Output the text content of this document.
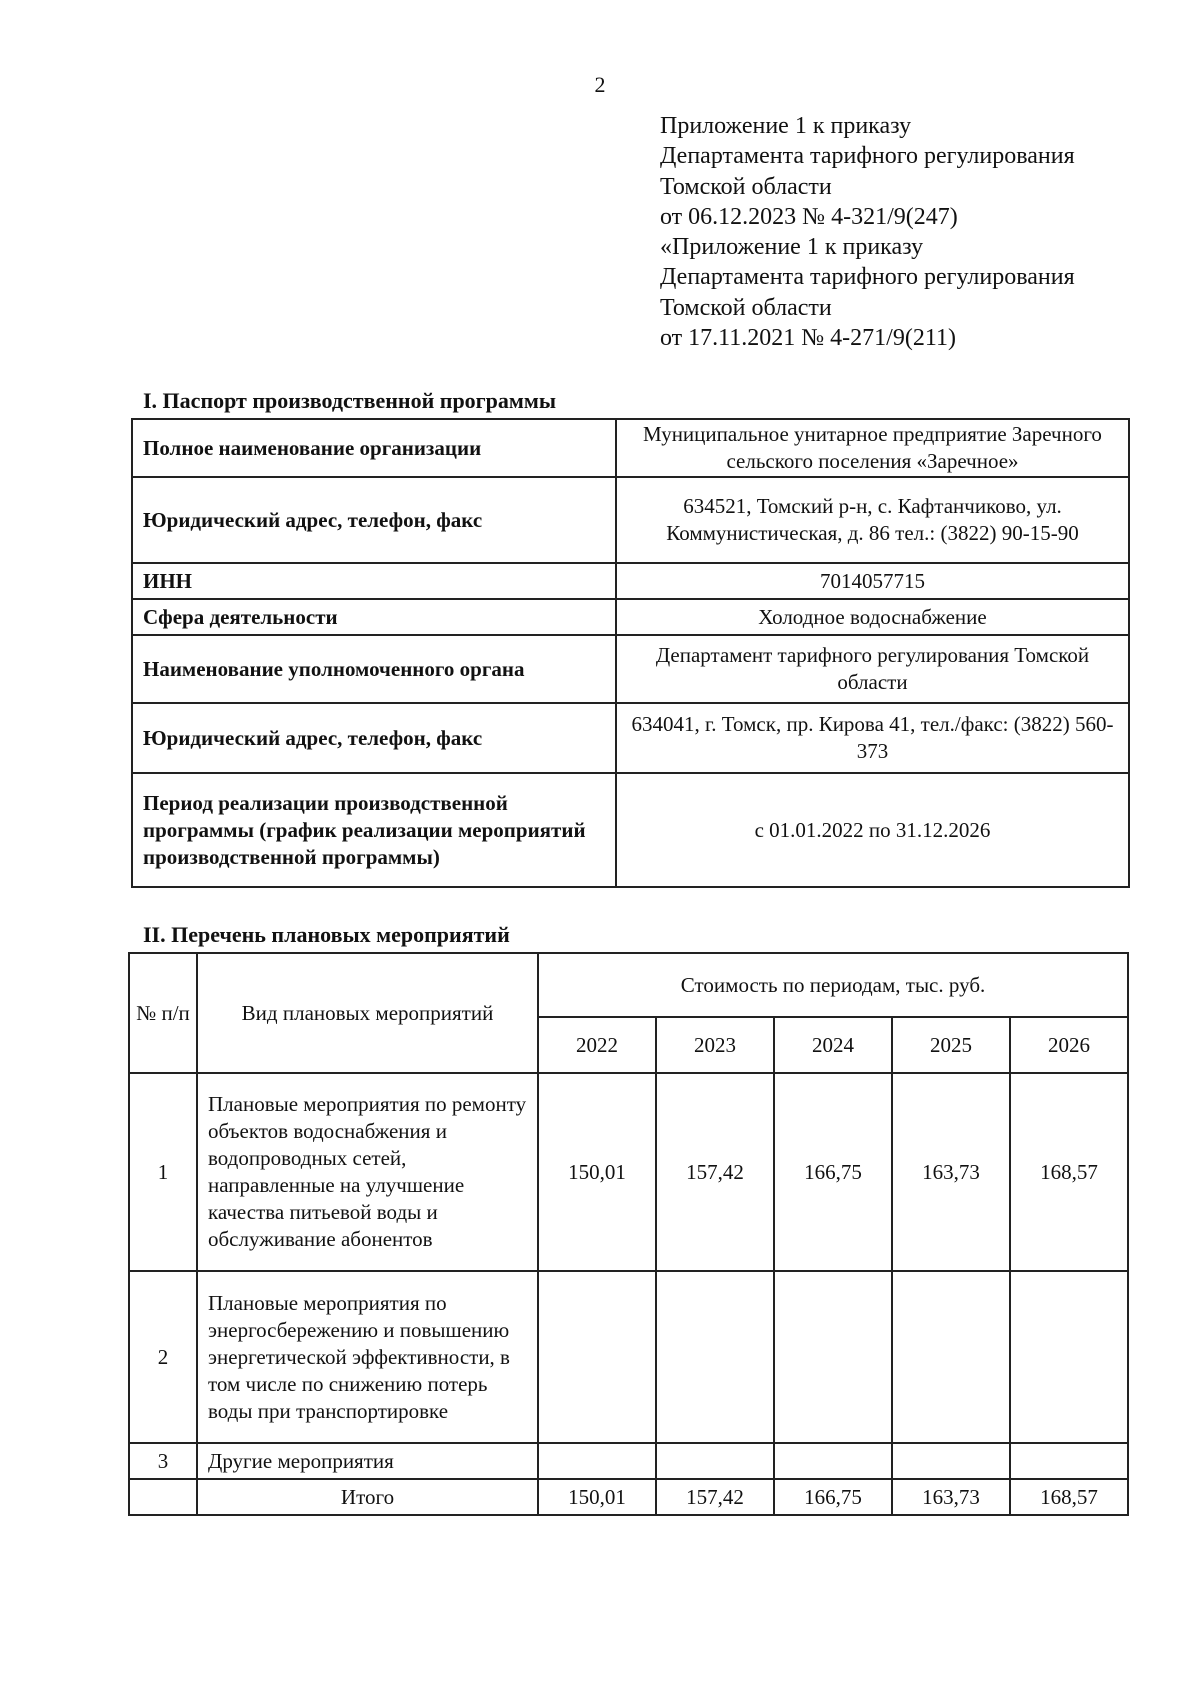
2
Приложение 1 к приказу
Департамента тарифного регулирования
Томской области
от 06.12.2023 № 4-321/9(247)
«Приложение 1 к приказу
Департамента тарифного регулирования
Томской области
от 17.11.2021 № 4-271/9(211)
I. Паспорт производственной программы
Полное наименование организации	Муниципальное унитарное предприятие Заречного сельского поселения «Заречное»
Юридический адрес, телефон, факс	634521, Томский р-н, с. Кафтанчиково, ул. Коммунистическая, д. 86 тел.: (3822) 90-15-90
ИНН	7014057715
Сфера деятельности	Холодное водоснабжение
Наименование уполномоченного органа	Департамент тарифного регулирования Томской области
Юридический адрес, телефон, факс	634041, г. Томск, пр. Кирова 41, тел./факс: (3822) 560-373
Период реализации производственной программы (график реализации мероприятий производственной программы)	с 01.01.2022 по 31.12.2026
II. Перечень плановых мероприятий
№ п/п	Вид плановых мероприятий	Стоимость по периодам, тыс. руб.				
		2022	2023	2024	2025	2026
1	Плановые мероприятия по ремонту объектов водоснабжения и водопроводных сетей, направленные на улучшение качества питьевой воды и обслуживание абонентов	150,01	157,42	166,75	163,73	168,57
2	Плановые мероприятия по энергосбережению и повышению энергетической эффективности, в том числе по снижению потерь воды при транспортировке					
3	Другие мероприятия					
	Итого	150,01	157,42	166,75	163,73	168,57
